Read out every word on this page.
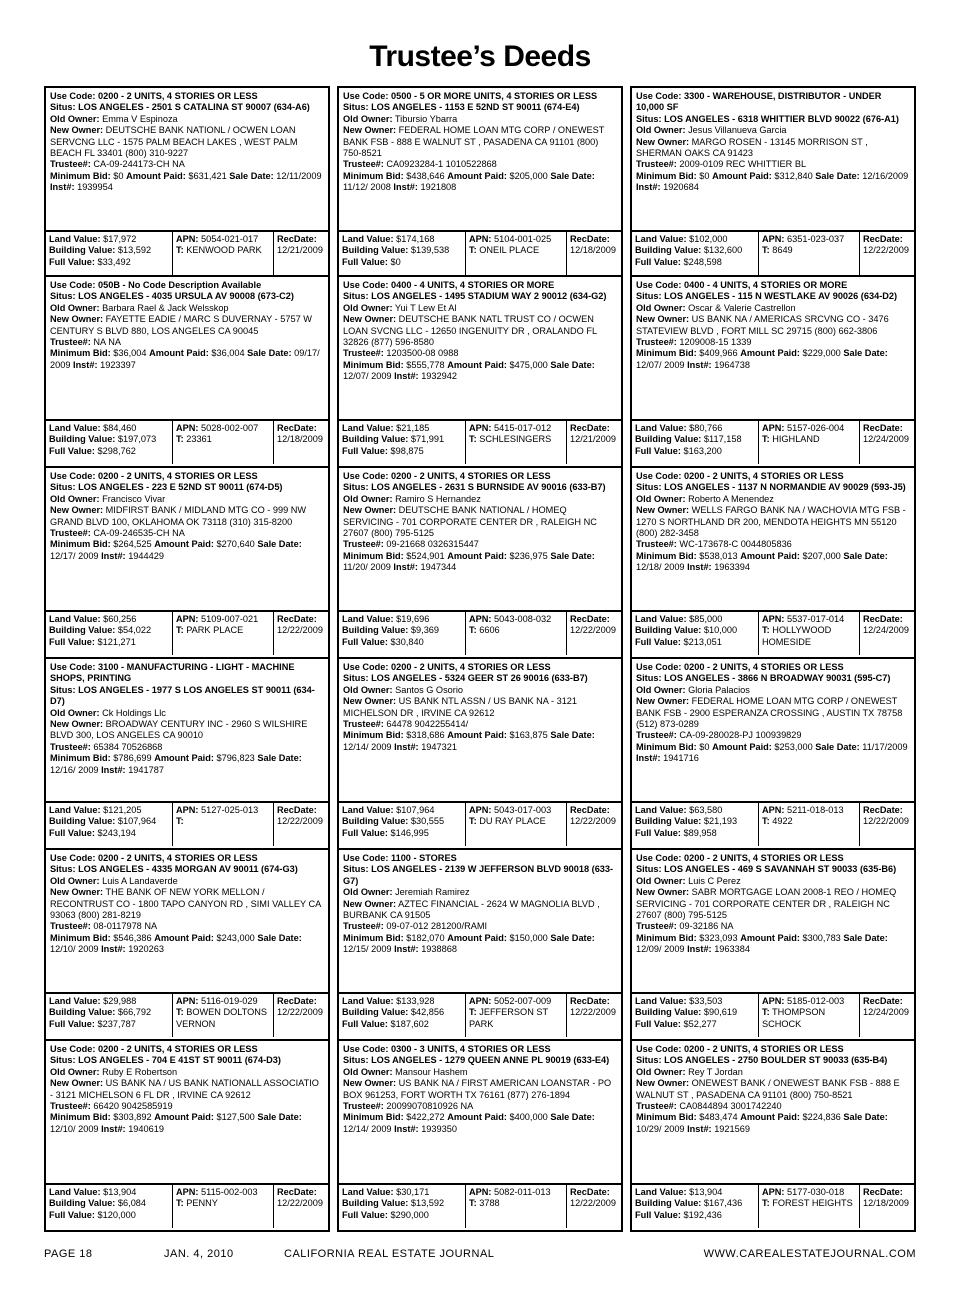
Trustee’s Deeds
Use Code: 0200 - 2 UNITS, 4 STORIES OR LESS
Situs: LOS ANGELES - 2501 S CATALINA ST 90007 (634-A6)
Old Owner: Emma V Espinoza
New Owner: DEUTSCHE BANK NATIONL / OCWEN LOAN SERVCNG LLC - 1575 PALM BEACH LAKES , WEST PALM BEACH FL 33401 (800) 310-9227
Trustee#: CA-09-244173-CH NA
Minimum Bid: $0 Amount Paid: $631,421 Sale Date: 12/11/2009 Inst#: 1939954
Land Value: $17,972
Building Value: $13,592
Full Value: $33,492
APN: 5054-021-017
T: KENWOOD PARK
RecDate:
12/21/2009
Use Code: 050B - No Code Description Available
Situs: LOS ANGELES - 4035 URSULA AV 90008 (673-C2)
Old Owner: Barbara Rael & Jack Welsskop
New Owner: FAYETTE EADIE / MARC S DUVERNAY - 5757 W CENTURY S BLVD 880, LOS ANGELES CA 90045
Trustee#: NA NA
Minimum Bid: $36,004 Amount Paid: $36,004 Sale Date: 09/17/ 2009 Inst#: 1923397
Land Value: $84,460
Building Value: $197,073
Full Value: $298,762
APN: 5028-002-007
T: 23361
RecDate:
12/18/2009
Use Code: 0200 - 2 UNITS, 4 STORIES OR LESS
Situs: LOS ANGELES - 223 E 52ND ST 90011 (674-D5)
Old Owner: Francisco Vivar
New Owner: MIDFIRST BANK / MIDLAND MTG CO - 999 NW GRAND BLVD 100, OKLAHOMA OK 73118 (310) 315-8200
Trustee#: CA-09-246535-CH NA
Minimum Bid: $264,525 Amount Paid: $270,640 Sale Date: 12/17/ 2009 Inst#: 1944429
Land Value: $60,256
Building Value: $54,022
Full Value: $121,271
APN: 5109-007-021
T: PARK PLACE
RecDate:
12/22/2009
Use Code: 3100 - MANUFACTURING - LIGHT - MACHINE SHOPS, PRINTING
Situs: LOS ANGELES - 1977 S LOS ANGELES ST 90011 (634-D7)
Old Owner: Ck Holdings Llc
New Owner: BROADWAY CENTURY INC - 2960 S WILSHIRE BLVD 300, LOS ANGELES CA 90010
Trustee#: 65384 70526868
Minimum Bid: $786,699 Amount Paid: $796,823 Sale Date: 12/16/ 2009 Inst#: 1941787
Land Value: $121,205
Building Value: $107,964
Full Value: $243,194
APN: 5127-025-013
T:
RecDate:
12/22/2009
Use Code: 0200 - 2 UNITS, 4 STORIES OR LESS
Situs: LOS ANGELES - 4335 MORGAN AV 90011 (674-G3)
Old Owner: Luis A Landaverde
New Owner: THE BANK OF NEW YORK MELLON / RECONTRUST CO - 1800 TAPO CANYON RD , SIMI VALLEY CA 93063 (800) 281-8219
Trustee#: 08-0117978 NA
Minimum Bid: $546,386 Amount Paid: $243,000 Sale Date: 12/10/ 2009 Inst#: 1920263
Land Value: $29,988
Building Value: $66,792
Full Value: $237,787
APN: 5116-019-029
T: BOWEN DOLTONS VERNON
RecDate:
12/22/2009
Use Code: 0200 - 2 UNITS, 4 STORIES OR LESS
Situs: LOS ANGELES - 704 E 41ST ST 90011 (674-D3)
Old Owner: Ruby E Robertson
New Owner: US BANK NA / US BANK NATIONALL ASSOCIATIO - 3121 MICHELSON 6 FL DR , IRVINE CA 92612
Trustee#: 66420 9042585919
Minimum Bid: $303,892 Amount Paid: $127,500 Sale Date: 12/10/ 2009 Inst#: 1940619
Land Value: $13,904
Building Value: $6,084
Full Value: $120,000
APN: 5115-002-003
T: PENNY
RecDate:
12/22/2009
Use Code: 0500 - 5 OR MORE UNITS, 4 STORIES OR LESS
Situs: LOS ANGELES - 1153 E 52ND ST 90011 (674-E4)
Old Owner: Tibursio Ybarra
New Owner: FEDERAL HOME LOAN MTG CORP / ONEWEST BANK FSB - 888 E WALNUT ST , PASADENA CA 91101 (800) 750-8521
Trustee#: CA0923284-1 1010522868
Minimum Bid: $438,646 Amount Paid: $205,000 Sale Date: 11/12/ 2008 Inst#: 1921808
Land Value: $174,168
Building Value: $139,538
Full Value: $0
APN: 5104-001-025
T: ONEIL PLACE
RecDate:
12/18/2009
Use Code: 0400 - 4 UNITS, 4 STORIES OR MORE
Situs: LOS ANGELES - 1495 STADIUM WAY 2 90012 (634-G2)
Old Owner: Yui T Lew Et Al
New Owner: DEUTSCHE BANK NATL TRUST CO / OCWEN LOAN SVCNG LLC - 12650 INGENUITY DR , ORALANDO FL 32826 (877) 596-8580
Trustee#: 1203500-08 0988
Minimum Bid: $555,778 Amount Paid: $475,000 Sale Date: 12/07/ 2009 Inst#: 1932942
Land Value: $21,185
Building Value: $71,991
Full Value: $98,875
APN: 5415-017-012
T: SCHLESINGERS
RecDate:
12/21/2009
Use Code: 0200 - 2 UNITS, 4 STORIES OR LESS
Situs: LOS ANGELES - 2631 S BURNSIDE AV 90016 (633-B7)
Old Owner: Ramiro S Hernandez
New Owner: DEUTSCHE BANK NATIONAL / HOMEQ SERVICING - 701 CORPORATE CENTER DR , RALEIGH NC 27607 (800) 795-5125
Trustee#: 09-21668 0326315447
Minimum Bid: $524,901 Amount Paid: $236,975 Sale Date: 11/20/ 2009 Inst#: 1947344
Land Value: $19,696
Building Value: $9,369
Full Value: $30,840
APN: 5043-008-032
T: 6606
RecDate:
12/22/2009
Use Code: 0200 - 2 UNITS, 4 STORIES OR LESS
Situs: LOS ANGELES - 5324 GEER ST 26 90016 (633-B7)
Old Owner: Santos G Osorio
New Owner: US BANK NTL ASSN / US BANK NA - 3121 MICHELSON DR , IRVINE CA 92612
Trustee#: 64478 9042255414/
Minimum Bid: $318,686 Amount Paid: $163,875 Sale Date: 12/14/ 2009 Inst#: 1947321
Land Value: $107,964
Building Value: $30,555
Full Value: $146,995
APN: 5043-017-003
T: DU RAY PLACE
RecDate:
12/22/2009
Use Code: 1100 - STORES
Situs: LOS ANGELES - 2139 W JEFFERSON BLVD 90018 (633-G7)
Old Owner: Jeremiah Ramirez
New Owner: AZTEC FINANCIAL - 2624 W MAGNOLIA BLVD , BURBANK CA 91505
Trustee#: 09-07-012 281200/RAMI
Minimum Bid: $182,070 Amount Paid: $150,000 Sale Date: 12/15/ 2009 Inst#: 1938868
Land Value: $133,928
Building Value: $42,856
Full Value: $187,602
APN: 5052-007-009
T: JEFFERSON ST PARK
RecDate:
12/22/2009
Use Code: 0300 - 3 UNITS, 4 STORIES OR LESS
Situs: LOS ANGELES - 1279 QUEEN ANNE PL 90019 (633-E4)
Old Owner: Mansour Hashem
New Owner: US BANK NA / FIRST AMERICAN LOANSTAR - PO BOX 961253, FORT WORTH TX 76161 (877) 276-1894
Trustee#: 20099070810926 NA
Minimum Bid: $422,272 Amount Paid: $400,000 Sale Date: 12/14/ 2009 Inst#: 1939350
Land Value: $30,171
Building Value: $13,592
Full Value: $290,000
APN: 5082-011-013
T: 3788
RecDate:
12/22/2009
Use Code: 3300 - WAREHOUSE, DISTRIBUTOR - UNDER 10,000 SF
Situs: LOS ANGELES - 6318 WHITTIER BLVD 90022 (676-A1)
Old Owner: Jesus Villanueva Garcia
New Owner: MARGO ROSEN - 13145 MORRISON ST , SHERMAN OAKS CA 91423
Trustee#: 2009-0109 REC WHITTIER BL
Minimum Bid: $0 Amount Paid: $312,840 Sale Date: 12/16/2009 Inst#: 1920684
Land Value: $102,000
Building Value: $132,600
Full Value: $248,598
APN: 6351-023-037
T: 8649
RecDate:
12/22/2009
Use Code: 0400 - 4 UNITS, 4 STORIES OR MORE
Situs: LOS ANGELES - 115 N WESTLAKE AV 90026 (634-D2)
Old Owner: Oscar & Valerie Castrellon
New Owner: US BANK NA / AMERICAS SRCVNG CO - 3476 STATEVIEW BLVD , FORT MILL SC 29715 (800) 662-3806
Trustee#: 1209008-15 1339
Minimum Bid: $409,966 Amount Paid: $229,000 Sale Date: 12/07/ 2009 Inst#: 1964738
Land Value: $80,766
Building Value: $117,158
Full Value: $163,200
APN: 5157-026-004
T: HIGHLAND
RecDate:
12/24/2009
Use Code: 0200 - 2 UNITS, 4 STORIES OR LESS
Situs: LOS ANGELES - 1137 N NORMANDIE AV 90029 (593-J5)
Old Owner: Roberto A Menendez
New Owner: WELLS FARGO BANK NA / WACHOVIA MTG FSB - 1270 S NORTHLAND DR 200, MENDOTA HEIGHTS MN 55120 (800) 282-3458
Trustee#: WC-173678-C 0044805836
Minimum Bid: $538,013 Amount Paid: $207,000 Sale Date: 12/18/ 2009 Inst#: 1963394
Land Value: $85,000
Building Value: $10,000
Full Value: $213,051
APN: 5537-017-014
T: HOLLYWOOD HOMESIDE
RecDate:
12/24/2009
Use Code: 0200 - 2 UNITS, 4 STORIES OR LESS
Situs: LOS ANGELES - 3866 N BROADWAY 90031 (595-C7)
Old Owner: Gloria Palacios
New Owner: FEDERAL HOME LOAN MTG CORP / ONEWEST BANK FSB - 2900 ESPERANZA CROSSING , AUSTIN TX 78758 (512) 873-0289
Trustee#: CA-09-280028-PJ 100939829
Minimum Bid: $0 Amount Paid: $253,000 Sale Date: 11/17/2009 Inst#: 1941716
Land Value: $63,580
Building Value: $21,193
Full Value: $89,958
APN: 5211-018-013
T: 4922
RecDate:
12/22/2009
Use Code: 0200 - 2 UNITS, 4 STORIES OR LESS
Situs: LOS ANGELES - 469 S SAVANNAH ST 90033 (635-B6)
Old Owner: Luis C Perez
New Owner: SABR MORTGAGE LOAN 2008-1 REO / HOMEQ SERVICING - 701 CORPORATE CENTER DR , RALEIGH NC 27607 (800) 795-5125
Trustee#: 09-32186 NA
Minimum Bid: $323,093 Amount Paid: $300,783 Sale Date: 12/09/ 2009 Inst#: 1963384
Land Value: $33,503
Building Value: $90,619
Full Value: $52,277
APN: 5185-012-003
T: THOMPSON SCHOCK
RecDate:
12/24/2009
Use Code: 0200 - 2 UNITS, 4 STORIES OR LESS
Situs: LOS ANGELES - 2750 BOULDER ST 90033 (635-B4)
Old Owner: Rey T Jordan
New Owner: ONEWEST BANK / ONEWEST BANK FSB - 888 E WALNUT ST , PASADENA CA 91101 (800) 750-8521
Trustee#: CA0844894 3001742240
Minimum Bid: $483,474 Amount Paid: $224,836 Sale Date: 10/29/ 2009 Inst#: 1921569
Land Value: $13,904
Building Value: $167,436
Full Value: $192,436
APN: 5177-030-018
T: FOREST HEIGHTS
RecDate:
12/18/2009
PAGE 18	JAN. 4, 2010	CALIFORNIA REAL ESTATE JOURNAL	WWW.CAREALESTATEJOURNAL.COM
